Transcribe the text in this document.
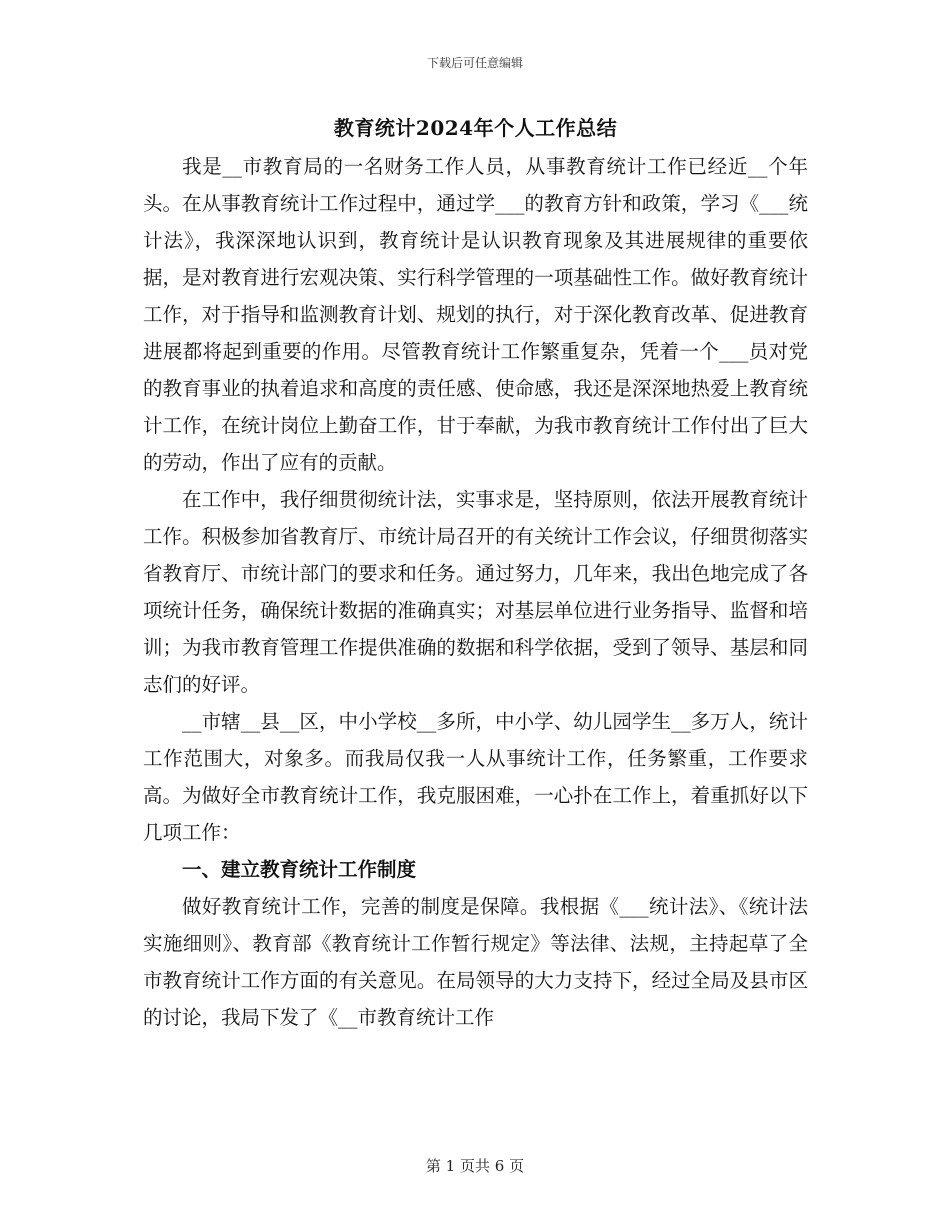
下载后可任意编辑
教育统计2024年个人工作总结

我是__市教育局的一名财务工作人员，从事教育统计工作已经近__个年头。在从事教育统计工作过程中，通过学___的教育方针和政策，学习《___统计法》，我深深地认识到，教育统计是认识教育现象及其进展规律的重要依据，是对教育进行宏观决策、实行科学管理的一项基础性工作。做好教育统计工作，对于指导和监测教育计划、规划的执行，对于深化教育改革、促进教育进展都将起到重要的作用。尽管教育统计工作繁重复杂，凭着一个___员对党的教育事业的执着追求和高度的责任感、使命感，我还是深深地热爱上教育统计工作，在统计岗位上勤奋工作，甘于奉献，为我市教育统计工作付出了巨大的劳动，作出了应有的贡献。

在工作中，我仔细贯彻统计法，实事求是，坚持原则，依法开展教育统计工作。积极参加省教育厅、市统计局召开的有关统计工作会议，仔细贯彻落实省教育厅、市统计部门的要求和任务。通过努力，几年来，我出色地完成了各项统计任务，确保统计数据的准确真实；对基层单位进行业务指导、监督和培训；为我市教育管理工作提供准确的数据和科学依据，受到了领导、基层和同志们的好评。

__市辖__县__区，中小学校__多所，中小学、幼儿园学生__多万人，统计工作范围大，对象多。而我局仅我一人从事统计工作，任务繁重，工作要求高。为做好全市教育统计工作，我克服困难，一心扑在工作上，着重抓好以下几项工作：

一、建立教育统计工作制度

做好教育统计工作，完善的制度是保障。我根据《___统计法》、《统计法实施细则》、教育部《教育统计工作暂行规定》等法律、法规，主持起草了全市教育统计工作方面的有关意见。在局领导的大力支持下，经过全局及县市区的讨论，我局下发了《__市教育统计工作

第 1 页共 6 页
